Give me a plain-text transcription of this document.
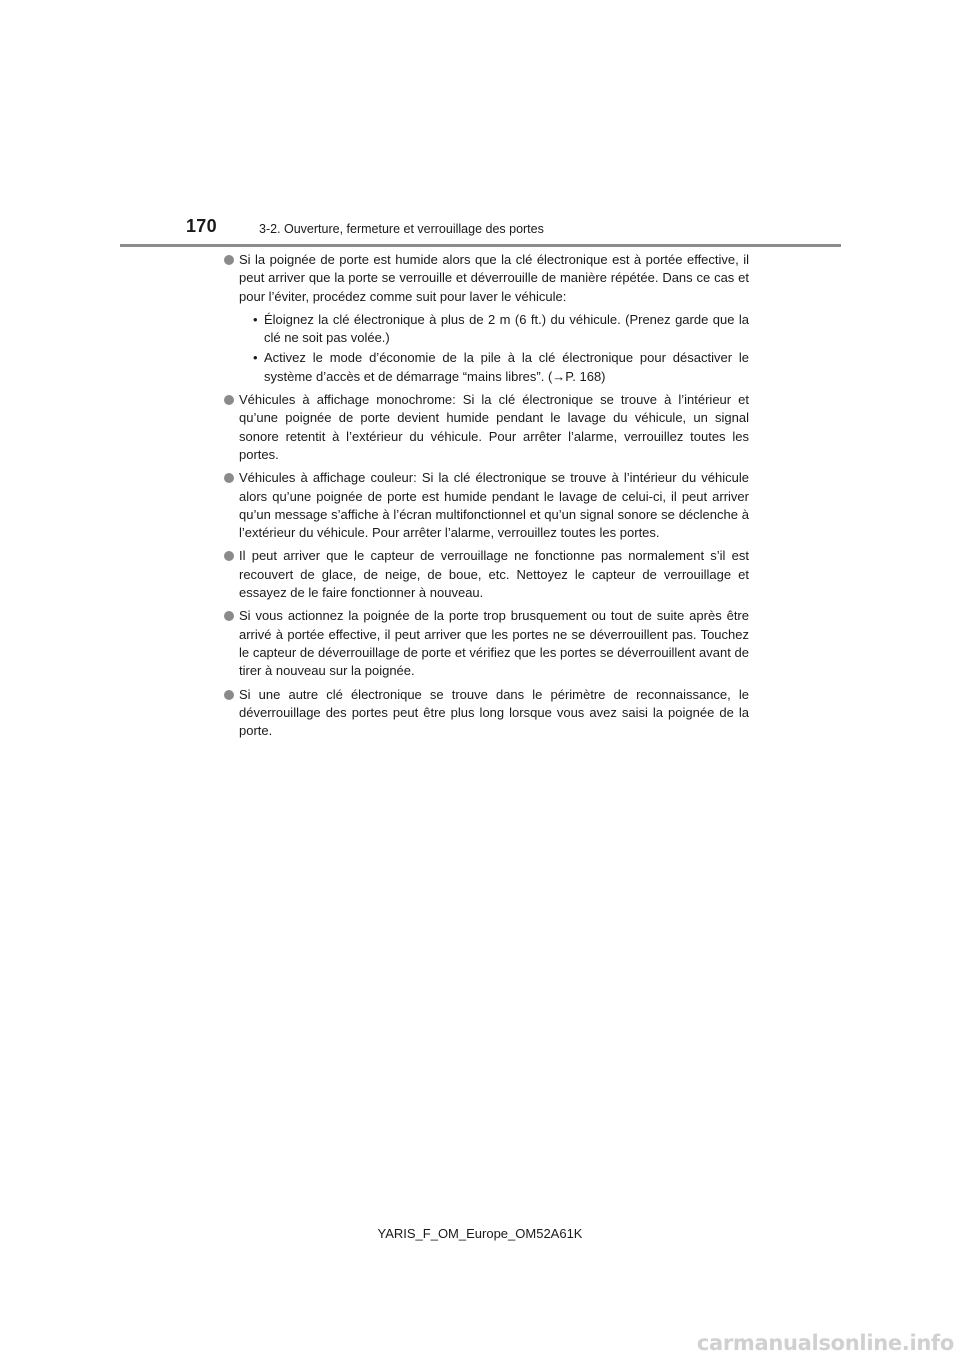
170	3-2. Ouverture, fermeture et verrouillage des portes
Si la poignée de porte est humide alors que la clé électronique est à portée effective, il peut arriver que la porte se verrouille et déverrouille de manière répétée. Dans ce cas et pour l’éviter, procédez comme suit pour laver le véhicule:
• Éloignez la clé électronique à plus de 2 m (6 ft.) du véhicule. (Prenez garde que la clé ne soit pas volée.)
• Activez le mode d’économie de la pile à la clé électronique pour désactiver le système d’accès et de démarrage “mains libres”. (→P. 168)
Véhicules à affichage monochrome: Si la clé électronique se trouve à l’intérieur et qu’une poignée de porte devient humide pendant le lavage du véhicule, un signal sonore retentit à l’extérieur du véhicule. Pour arrêter l’alarme, verrouillez toutes les portes.
Véhicules à affichage couleur: Si la clé électronique se trouve à l’intérieur du véhicule alors qu’une poignée de porte est humide pendant le lavage de celui-ci, il peut arriver qu’un message s’affiche à l’écran multifonctionnel et qu’un signal sonore se déclenche à l’extérieur du véhicule. Pour arrêter l’alarme, verrouillez toutes les portes.
Il peut arriver que le capteur de verrouillage ne fonctionne pas normalement s’il est recouvert de glace, de neige, de boue, etc. Nettoyez le capteur de verrouillage et essayez de le faire fonctionner à nouveau.
Si vous actionnez la poignée de la porte trop brusquement ou tout de suite après être arrivé à portée effective, il peut arriver que les portes ne se déverrouillent pas. Touchez le capteur de déverrouillage de porte et vérifiez que les portes se déverrouillent avant de tirer à nouveau sur la poignée.
Si une autre clé électronique se trouve dans le périmètre de reconnaissance, le déverrouillage des portes peut être plus long lorsque vous avez saisi la poignée de la porte.
YARIS_F_OM_Europe_OM52A61K
carmanualsonline.info
